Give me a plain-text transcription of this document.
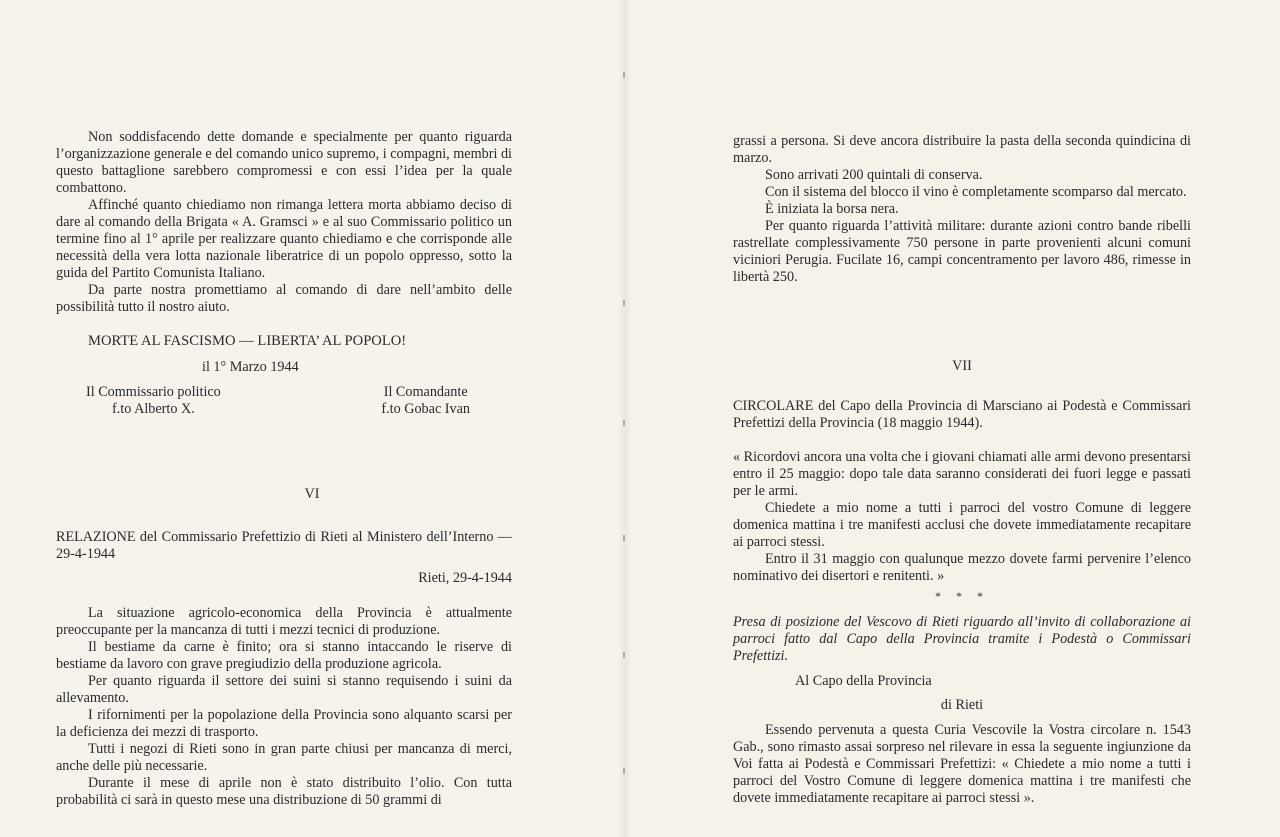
Non soddisfacendo dette domande e specialmente per quanto riguarda l’organizzazione generale e del comando unico supremo, i compagni, membri di questo battaglione sarebbero compromessi e con essi l’idea per la quale combattono.

Affinché quanto chiediamo non rimanga lettera morta abbiamo deciso di dare al comando della Brigata « A. Gramsci » e al suo Commissario politico un termine fino al 1° aprile per realizzare quanto chiediamo e che corrisponde alle necessità della vera lotta nazionale liberatrice di un popolo oppresso, sotto la guida del Partito Comunista Italiano.

Da parte nostra promettiamo al comando di dare nell’ambito delle possibilità tutto il nostro aiuto.

MORTE AL FASCISMO — LIBERTA’ AL POPOLO!

il 1° Marzo 1944

Il Commissario politico
f.to Alberto X.
Il Comandante
f.to Gobac Ivan

VI

RELAZIONE del Commissario Prefettizio di Rieti al Ministero dell’Interno — 29-4-1944

Rieti, 29-4-1944

La situazione agricolo-economica della Provincia è attualmente preoccupante per la mancanza di tutti i mezzi tecnici di produzione.

Il bestiame da carne è finito; ora si stanno intaccando le riserve di bestiame da lavoro con grave pregiudizio della produzione agricola.

Per quanto riguarda il settore dei suini si stanno requisendo i suini da allevamento.

I rifornimenti per la popolazione della Provincia sono alquanto scarsi per la deficienza dei mezzi di trasporto.

Tutti i negozi di Rieti sono in gran parte chiusi per mancanza di merci, anche delle più necessarie.

Durante il mese di aprile non è stato distribuito l’olio. Con tutta probabilità ci sarà in questo mese una distribuzione di 50 grammi di

grassi a persona. Si deve ancora distribuire la pasta della seconda quindicina di marzo.

Sono arrivati 200 quintali di conserva.

Con il sistema del blocco il vino è completamente scomparso dal mercato.

È iniziata la borsa nera.

Per quanto riguarda l’attività militare: durante azioni contro bande ribelli rastrellate complessivamente 750 persone in parte provenienti alcuni comuni viciniori Perugia. Fucilate 16, campi concentramento per lavoro 486, rimesse in libertà 250.

VII

CIRCOLARE del Capo della Provincia di Marsciano ai Podestà e Commissari Prefettizi della Provincia (18 maggio 1944).

« Ricordovi ancora una volta che i giovani chiamati alle armi devono presentarsi entro il 25 maggio: dopo tale data saranno considerati dei fuori legge e passati per le armi.

Chiedete a mio nome a tutti i parroci del vostro Comune di leggere domenica mattina i tre manifesti acclusi che dovete immediatamente recapitare ai parroci stessi.

Entro il 31 maggio con qualunque mezzo dovete farmi pervenire l’elenco nominativo dei disertori e renitenti. »

* * *

Presa di posizione del Vescovo di Rieti riguardo all’invito di collaborazione ai parroci fatto dal Capo della Provincia tramite i Podestà o Commissari Prefettizi.

Al Capo della Provincia

di Rieti

Essendo pervenuta a questa Curia Vescovile la Vostra circolare n. 1543 Gab., sono rimasto assai sorpreso nel rilevare in essa la seguente ingiunzione da Voi fatta ai Podestà e Commissari Prefettizi: « Chiedete a mio nome a tutti i parroci del Vostro Comune di leggere domenica mattina i tre manifesti che dovete immediatamente recapitare ai parroci stessi ».
